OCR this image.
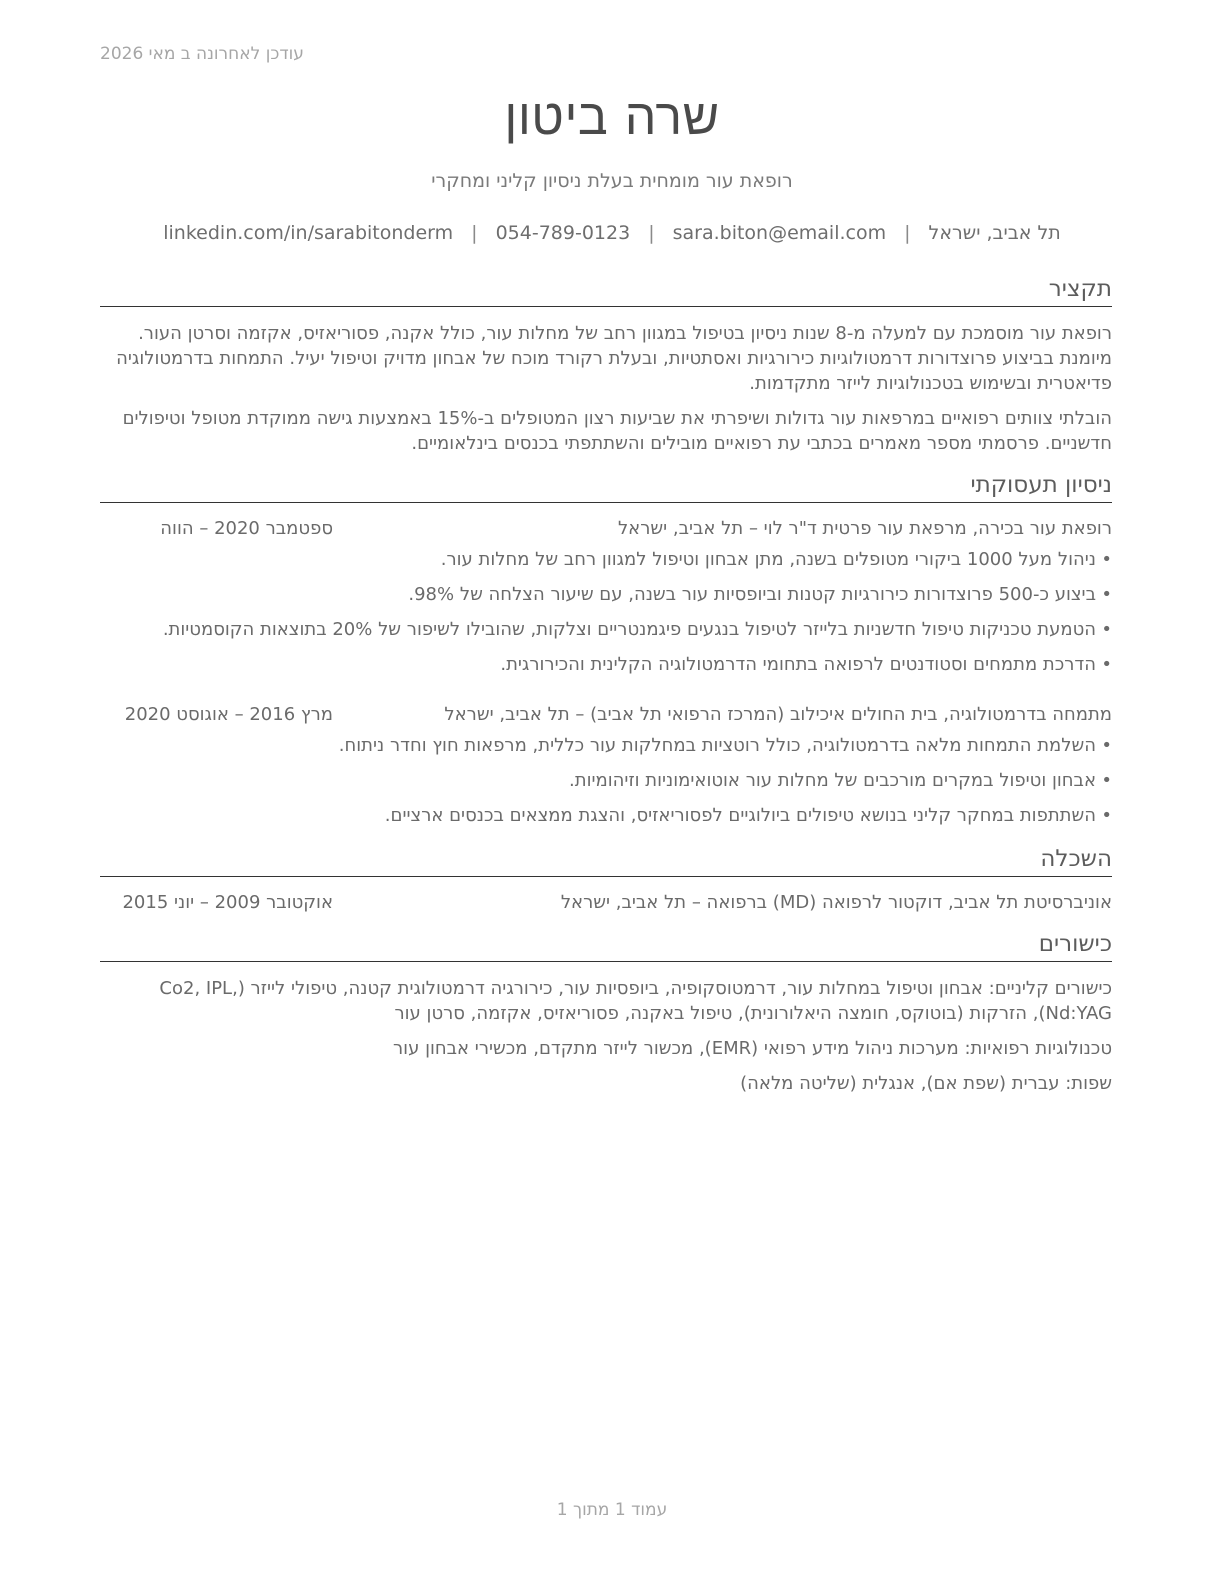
עודכן לאחרונה ב מאי 2026
שרה ביטון
רופאת עור מומחית בעלת ניסיון קליני ומחקרי
תל אביב, ישראל
|
sara.biton@email.com
|
054-789-0123
|
linkedin.com/in/sarabitonderm
תקציר

רופאת עור מוסמכת עם למעלה מ-8 שנות ניסיון בטיפול במגוון רחב של מחלות עור, כולל אקנה, פסוריאזיס, אקזמה וסרטן העור. מיומנת בביצוע פרוצדורות דרמטולוגיות כירורגיות ואסתטיות, ובעלת רקורד מוכח של אבחון מדויק וטיפול יעיל. התמחות בדרמטולוגיה פדיאטרית ובשימוש בטכנולוגיות לייזר מתקדמות.

הובלתי צוותים רפואיים במרפאות עור גדולות ושיפרתי את שביעות רצון המטופלים ב-15% באמצעות גישה ממוקדת מטופל וטיפולים חדשניים. פרסמתי מספר מאמרים בכתבי עת רפואיים מובילים והשתתפתי בכנסים בינלאומיים.

ניסיון תעסוקתי
רופאת עור בכירה, מרפאת עור פרטית ד"ר לוי – תל אביב, ישראל
ספטמבר 2020 – הווה
•
ניהול מעל 1000 ביקורי מטופלים בשנה, מתן אבחון וטיפול למגוון רחב של מחלות עור.
•
ביצוע כ-500 פרוצדורות כירורגיות קטנות וביופסיות עור בשנה, עם שיעור הצלחה של 98%.
•
הטמעת טכניקות טיפול חדשניות בלייזר לטיפול בנגעים פיגמנטריים וצלקות, שהובילו לשיפור של 20% בתוצאות הקוסמטיות.
•
הדרכת מתמחים וסטודנטים לרפואה בתחומי הדרמטולוגיה הקלינית והכירורגית.
מתמחה בדרמטולוגיה, בית החולים איכילוב (המרכז הרפואי תל אביב) – תל אביב, ישראל
מרץ 2016 – אוגוסט 2020
•
השלמת התמחות מלאה בדרמטולוגיה, כולל רוטציות במחלקות עור כללית, מרפאות חוץ וחדר ניתוח.
•
אבחון וטיפול במקרים מורכבים של מחלות עור אוטואימוניות וזיהומיות.
•
השתתפות במחקר קליני בנושא טיפולים ביולוגיים לפסוריאזיס, והצגת ממצאים בכנסים ארציים.
השכלה
אוניברסיטת תל אביב, דוקטור לרפואה (MD) ברפואה – תל אביב, ישראל
אוקטובר 2009 – יוני 2015
כישורים

כישורים קליניים: אבחון וטיפול במחלות עור, דרמטוסקופיה, ביופסיות עור, כירורגיה דרמטולוגית קטנה, טיפולי לייזר (Co2, IPL, Nd:YAG), הזרקות (בוטוקס, חומצה היאלורונית), טיפול באקנה, פסוריאזיס, אקזמה, סרטן עור

טכנולוגיות רפואיות: מערכות ניהול מידע רפואי (EMR), מכשור לייזר מתקדם, מכשירי אבחון עור

שפות: עברית (שפת אם), אנגלית (שליטה מלאה)

עמוד 1 מתוך 1
